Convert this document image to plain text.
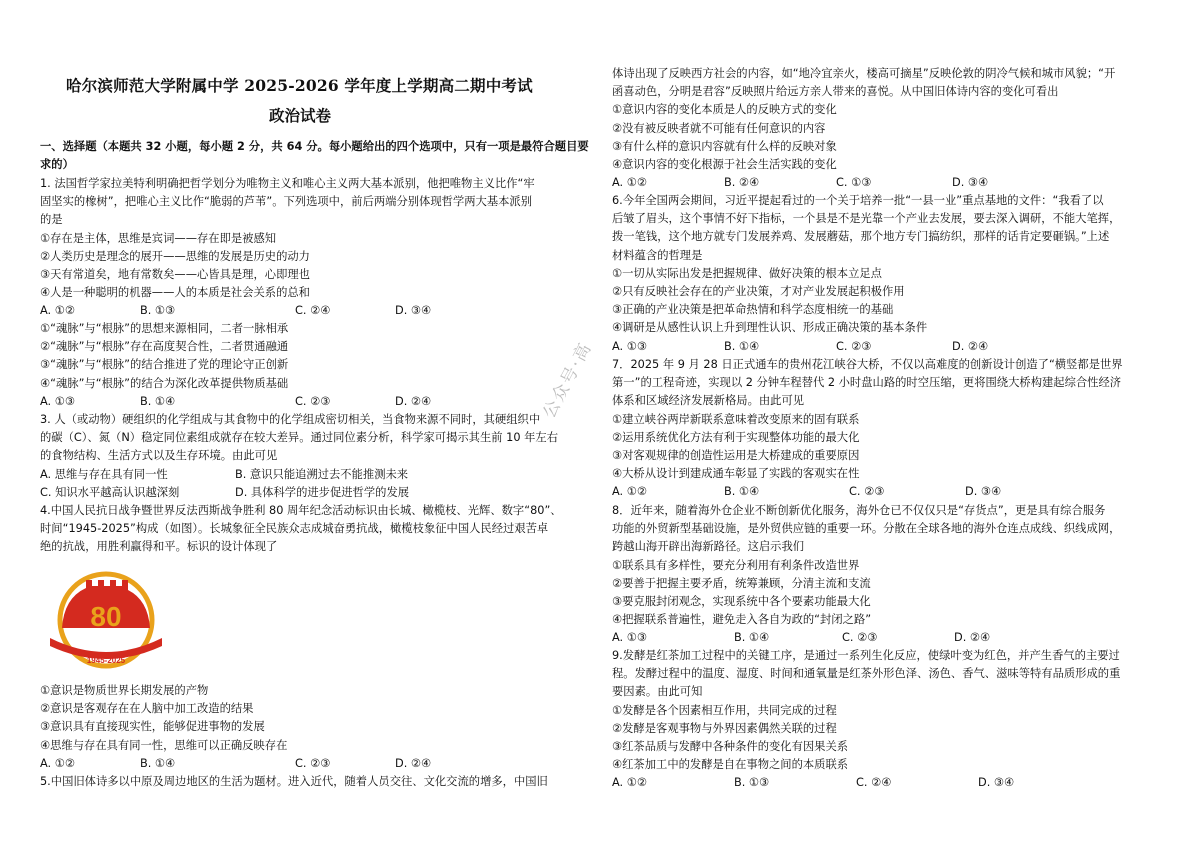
哈尔滨师范大学附属中学 2025-2026 学年度上学期高二期中考试
政治试卷
一、选择题（本题共 32 小题，每小题 2 分，共 64 分。每小题给出的四个选项中，只有一项是最符合题目要求的）
1. 法国哲学家拉美特利明确把哲学划分为唯物主义和唯心主义两大基本派别，他把唯物主义比作“牢
固坚实的橡树”，把唯心主义比作“脆弱的芦苇”。下列选项中，前后两端分别体现哲学两大基本派别
的是
①存在是主体，思维是宾词——存在即是被感知
②人类历史是理念的展开——思维的发展是历史的动力
③天有常道矣，地有常数矣——心皆具是理，心即理也
④人是一种聪明的机器——人的本质是社会关系的总和
A. ①②	B. ①③	C. ②④	D. ③④
①“魂脉”与“根脉”的思想来源相同，二者一脉相承
②“魂脉”与“根脉”存在高度契合性，二者贯通融通
③“魂脉”与“根脉”的结合推进了党的理论守正创新
④“魂脉”与“根脉”的结合为深化改革提供物质基础
A. ①③	B. ①④	C. ②③	D. ②④
3. 人（或动物）硬组织的化学组成与其食物中的化学组成密切相关，当食物来源不同时，其硬组织中
的碳（C）、氮（N）稳定同位素组成就存在较大差异。通过同位素分析，科学家可揭示其生前 10 年左右
的食物结构、生活方式以及生存环境。由此可见
A. 思维与存在具有同一性	B. 意识只能追溯过去不能推测未来
C. 知识水平越高认识越深刻	D. 具体科学的进步促进哲学的发展
4.中国人民抗日战争暨世界反法西斯战争胜利 80 周年纪念活动标识由长城、橄榄枝、光辉、数字“80”、
时间“1945-2025”构成（如图）。长城象征全民族众志成城奋勇抗战，橄榄枝象征中国人民经过艰苦卓
绝的抗战，用胜利赢得和平。标识的设计体现了
①意识是物质世界长期发展的产物
②意识是客观存在在人脑中加工改造的结果
③意识具有直接现实性，能够促进事物的发展
④思维与存在具有同一性，思维可以正确反映存在
A. ①②	B. ①④	C. ②③	D. ②④
5.中国旧体诗多以中原及周边地区的生活为题材。进入近代，随着人员交往、文化交流的增多，中国旧
80
1945-2025
体诗出现了反映西方社会的内容，如“地冷宜亲火，楼高可摘星”反映伦敦的阴冷气候和城市风貌；“开
函喜动色，分明是君容”反映照片给远方亲人带来的喜悦。从中国旧体诗内容的变化可看出
①意识内容的变化本质是人的反映方式的变化
②没有被反映者就不可能有任何意识的内容
③有什么样的意识内容就有什么样的反映对象
④意识内容的变化根源于社会生活实践的变化
A. ①②	B. ②④	C. ①③	D. ③④
6.今年全国两会期间，习近平提起看过的一个关于培养一批“一县一业”重点基地的文件：“我看了以
后皱了眉头，这个事情不好下指标，一个县是不是光靠一个产业去发展，要去深入调研，不能大笔挥，
拨一笔钱，这个地方就专门发展养鸡、发展蘑菇，那个地方专门搞纺织，那样的话肯定要砸锅。”上述
材料蕴含的哲理是
①一切从实际出发是把握规律、做好决策的根本立足点
②只有反映社会存在的产业决策，才对产业发展起积极作用
③正确的产业决策是把革命热情和科学态度相统一的基础
④调研是从感性认识上升到理性认识、形成正确决策的基本条件
A. ①③	B. ①④	C. ②③	D. ②④
7．2025 年 9 月 28 日正式通车的贵州花江峡谷大桥，不仅以高难度的创新设计创造了“横竖都是世界
第一”的工程奇迹，实现以 2 分钟车程替代 2 小时盘山路的时空压缩，更将围绕大桥构建起综合性经济
体系和区域经济发展新格局。由此可见
①建立峡谷两岸新联系意味着改变原来的固有联系
②运用系统优化方法有利于实现整体功能的最大化
③对客观规律的创造性运用是大桥建成的重要原因
④大桥从设计到建成通车彰显了实践的客观实在性
A. ①②	B. ①④	C. ②③	D. ③④
8．近年来，随着海外仓企业不断创新优化服务，海外仓已不仅仅只是“存货点”，更是具有综合服务
功能的外贸新型基础设施，是外贸供应链的重要一环。分散在全球各地的海外仓连点成线、织线成网，
跨越山海开辟出海新路径。这启示我们
①联系具有多样性，要充分利用有利条件改造世界
②要善于把握主要矛盾，统筹兼顾，分清主流和支流
③要克服封闭观念，实现系统中各个要素功能最大化
④把握联系普遍性，避免走入各自为政的“封闭之路”
A. ①③	B. ①④	C. ②③	D. ②④
9.发酵是红茶加工过程中的关键工序，是通过一系列生化反应，使绿叶变为红色，并产生香气的主要过
程。发酵过程中的温度、湿度、时间和通氧量是红茶外形色泽、汤色、香气、滋味等特有品质形成的重
要因素。由此可知
①发酵是各个因素相互作用，共同完成的过程
②发酵是客观事物与外界因素偶然关联的过程
③红茶品质与发酵中各种条件的变化有因果关系
④红茶加工中的发酵是自在事物之间的本质联系
A. ①②	B. ①③	C. ②④	D. ③④
公众号·高
